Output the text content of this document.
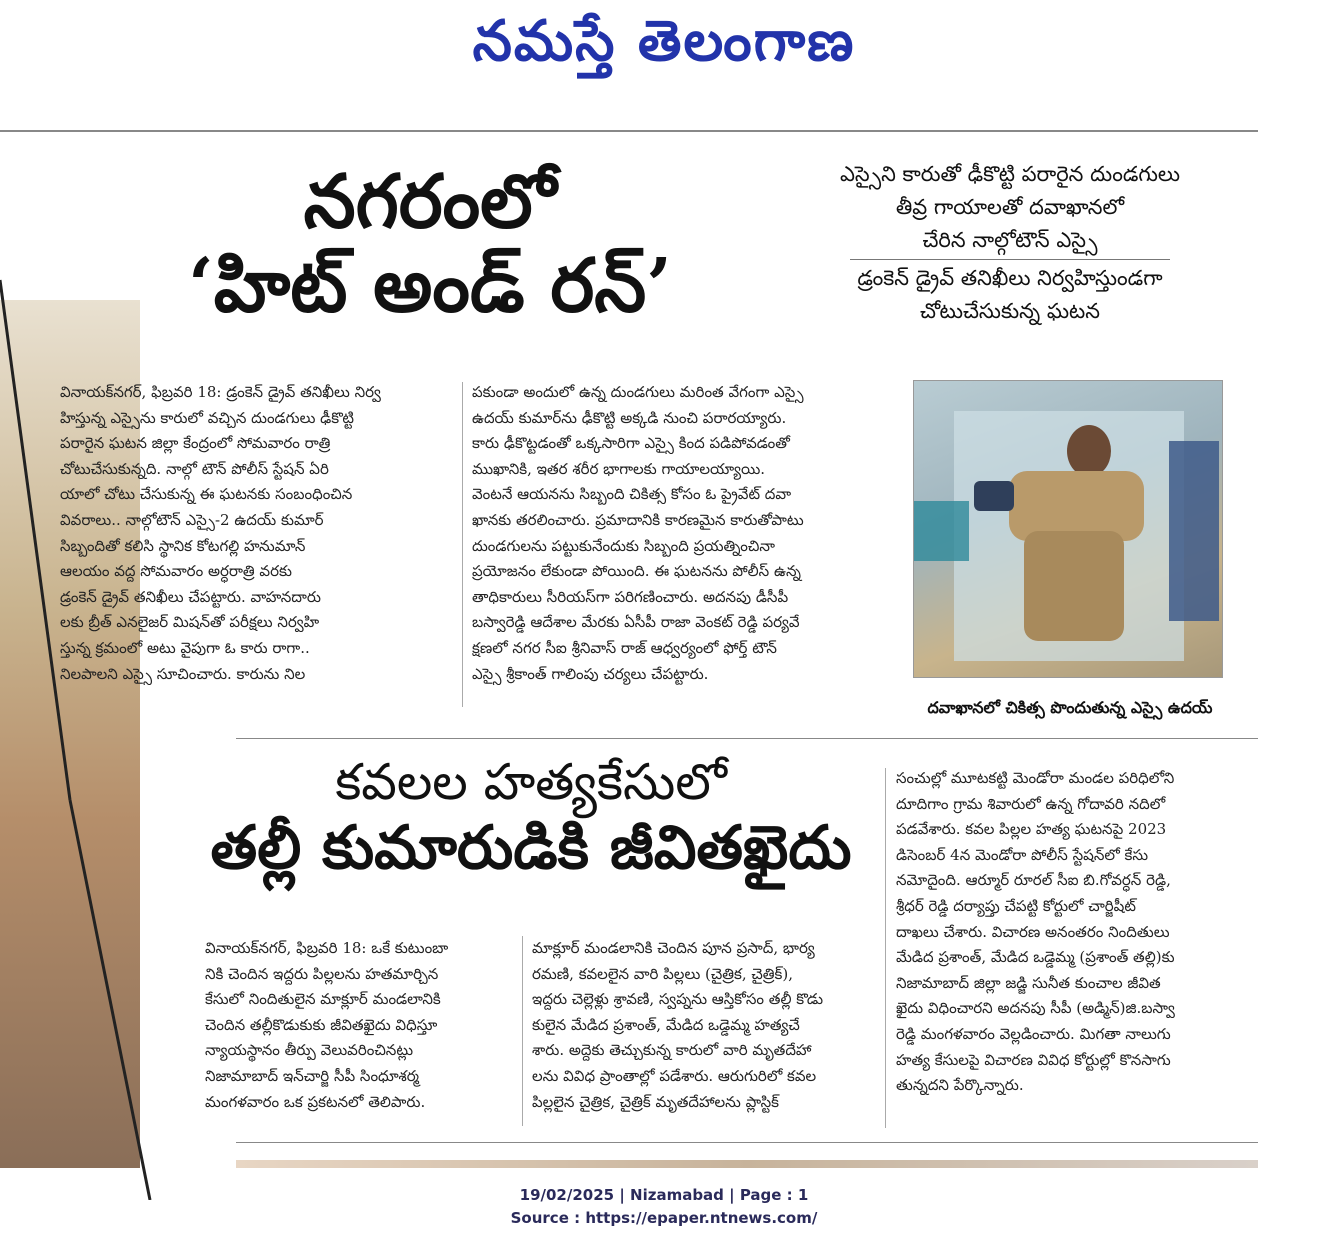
నమస్తే తెలంగాణ
నగరంలో
‘హిట్ అండ్ రన్’
ఎస్సైని కారుతో ఢీకొట్టి పరారైన దుండగులు
తీవ్ర గాయాలతో దవాఖానలో
చేరిన నాల్గోటౌన్ ఎస్సై
డ్రంకెన్ డ్రైవ్ తనిఖీలు నిర్వహిస్తుండగా
చోటుచేసుకున్న ఘటన
వినాయక్‌నగర్, ఫిబ్రవరి 18: డ్రంకెన్ డ్రైవ్ తనిఖీలు నిర్వ
హిస్తున్న ఎస్సైను కారులో వచ్చిన దుండగులు ఢీకొట్టి
పరారైన ఘటన జిల్లా కేంద్రంలో సోమవారం రాత్రి
చోటుచేసుకున్నది. నాల్గో టౌన్ పోలీస్ స్టేషన్ ఏరి
యాలో చోటు చేసుకున్న ఈ ఘటనకు సంబంధించిన
వివరాలు.. నాల్గోటౌన్ ఎస్సై-2 ఉదయ్ కుమార్
సిబ్బందితో కలిసి స్థానిక కోటగల్లి హనుమాన్
ఆలయం వద్ద సోమవారం అర్ధరాత్రి వరకు
డ్రంకెన్ డ్రైవ్ తనిఖీలు చేపట్టారు. వాహనదారు
లకు బ్రీత్ ఎనలైజర్ మిషన్‌తో పరీక్షలు నిర్వహి
స్తున్న క్రమంలో అటు వైపుగా ఓ కారు రాగా..
నిలపాలని ఎస్సై సూచించారు. కారును నిల
పకుండా అందులో ఉన్న దుండగులు మరింత వేగంగా ఎస్సై
ఉదయ్ కుమార్‌ను ఢీకొట్టి అక్కడి నుంచి పరారయ్యారు.
కారు ఢీకొట్టడంతో ఒక్కసారిగా ఎస్సై కింద పడిపోవడంతో
ముఖానికి, ఇతర శరీర భాగాలకు గాయాలయ్యాయి.
వెంటనే ఆయనను సిబ్బంది చికిత్స కోసం ఓ ప్రైవేట్ దవా
ఖానకు తరలించారు. ప్రమాదానికి కారణమైన కారుతోపాటు
దుండగులను పట్టుకునేందుకు సిబ్బంది ప్రయత్నించినా
ప్రయోజనం లేకుండా పోయింది. ఈ ఘటనను పోలీస్ ఉన్న
తాధికారులు సీరియస్‌గా పరిగణించారు. అదనపు డీసీపీ
బస్వారెడ్డి ఆదేశాల మేరకు ఏసీపీ రాజా వెంకట్ రెడ్డి పర్యవే
క్షణలో నగర సీఐ శ్రీనివాస్ రాజ్ ఆధ్వర్యంలో ఫోర్త్ టౌన్
ఎస్సై శ్రీకాంత్ గాలింపు చర్యలు చేపట్టారు.
దవాఖానలో చికిత్స పొందుతున్న ఎస్సై ఉదయ్
కవలల హత్యకేసులో
తల్లీ కుమారుడికి జీవితఖైదు
వినాయక్‌నగర్, ఫిబ్రవరి 18: ఒకే కుటుంబా
నికి చెందిన ఇద్దరు పిల్లలను హతమార్చిన
కేసులో నిందితులైన మాక్లూర్ మండలానికి
చెందిన తల్లీకొడుకుకు జీవితఖైదు విధిస్తూ
న్యాయస్థానం తీర్పు వెలువరించినట్లు
నిజామాబాద్ ఇన్‌చార్జి సీపీ సింధూశర్మ
మంగళవారం ఒక ప్రకటనలో తెలిపారు.
మాక్లూర్ మండలానికి చెందిన పూన ప్రసాద్, భార్య
రమణి, కవలలైన వారి పిల్లలు (చైత్రిక, చైత్రిక్),
ఇద్దరు చెల్లెళ్లు శ్రావణి, స్వప్నను ఆస్తికోసం తల్లీ కొడు
కులైన మేడిద ప్రశాంత్, మేడిద ఒడ్డెమ్మ హత్యచే
శారు. అద్దెకు తెచ్చుకున్న కారులో వారి మృతదేహా
లను వివిధ ప్రాంతాల్లో పడేశారు. ఆరుగురిలో కవల
పిల్లలైన చైత్రిక, చైత్రిక్ మృతదేహాలను ప్లాస్టిక్
సంచుల్లో మూటకట్టి మెండోరా మండల పరిధిలోని
దూదిగాం గ్రామ శివారులో ఉన్న గోదావరి నదిలో
పడవేశారు. కవల పిల్లల హత్య ఘటనపై 2023
డిసెంబర్ 4న మెండోరా పోలీస్ స్టేషన్‌లో కేసు
నమోదైంది. ఆర్మూర్ రూరల్ సీఐ బి.గోవర్ధన్ రెడ్డి,
శ్రీధర్ రెడ్డి దర్యాప్తు చేపట్టి కోర్టులో చార్జిషీట్
దాఖలు చేశారు. విచారణ అనంతరం నిందితులు
మేడిద ప్రశాంత్, మేడిద ఒడ్డెమ్మ (ప్రశాంత్ తల్లి)కు
నిజామాబాద్ జిల్లా జడ్జి సునీత కుంచాల జీవిత
ఖైదు విధించారని అదనపు సీపీ (అడ్మిన్)జి.బస్వా
రెడ్డి మంగళవారం వెల్లడించారు. మిగతా నాలుగు
హత్య కేసులపై విచారణ వివిధ కోర్టుల్లో కొనసాగు
తున్నదని పేర్కొన్నారు.
19/02/2025 | Nizamabad | Page : 1
Source : https://epaper.ntnews.com/
